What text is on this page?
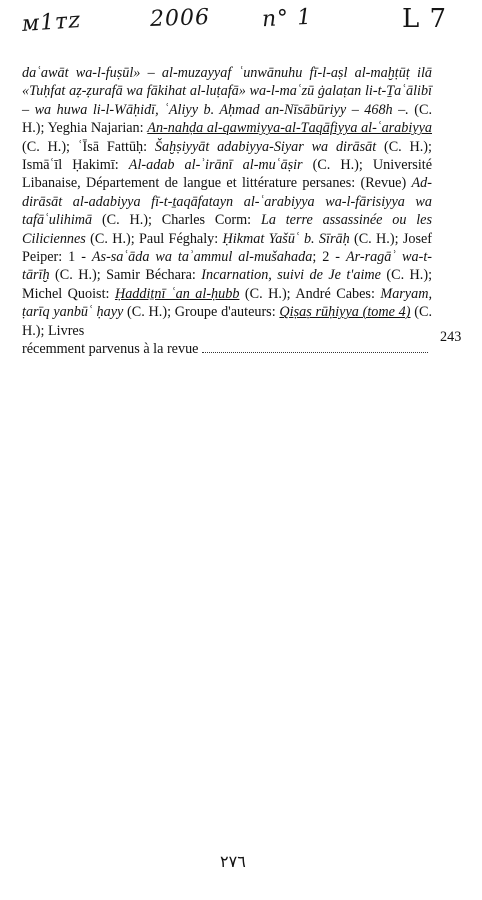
ᴍ1ᴛᴢ	2006 n° 1	L 7
daʿawāt wa-l-fuṣūl» – al-muzayyaf ʿunwānuhu fī-l-aṣl al-maḫṭūṭ ilā «Tuḥfat aẓ-ẓurafā wa fākihat al-luṭafā» wa-l-maʿzū ġalaṭan li-t-Ṯaʿālibī – wa huwa li-l-Wāḥidī, ʿAliyy b. Aḥmad an-Nīsābūriyy – 468h –. (C. H.); Yeghia Najarian: An-nahḍa al-qawmiyya-al-Ṯaqāfiyya al-ʿarabiyya (C. H.); ʿĪsā Fattūḥ: Šaḫṣiyyāt adabiyya-Siyar wa dirāsāt (C. H.); Ismāʿīl Ḥakimī: Al-adab al-ʾirānī al-muʿāṣir (C. H.); Université Libanaise, Département de langue et littérature persanes: (Revue) Ad-dirāsāt al-adabiyya fī-t-ṯaqāfatayn al-ʿarabiyya wa-l-fārisiyya wa tafāʿulihimā (C. H.); Charles Corm: La terre assassinée ou les Ciliciennes (C. H.); Paul Féghaly: Ḥikmat Yašūʿ b. Sīrāḥ (C. H.); Josef Peiper: 1 - As-saʿāda wa taʾammul al-mušahada; 2 - Ar-ragāʾ wa-t-tārīḫ (C. H.); Samir Béchara: Incarnation, suivi de Je t'aime (C. H.); Michel Quoist: Ḥaddiṯnī ʿan al-ḥubb (C. H.); André Cabes: Maryam, ṭarīq yanbūʿ ḥayy (C. H.); Groupe d'auteurs: Qiṣaṣ rūḥiyya (tome 4) (C. H.); Livres
récemment parvenus à la revue
243
٢٧٦
